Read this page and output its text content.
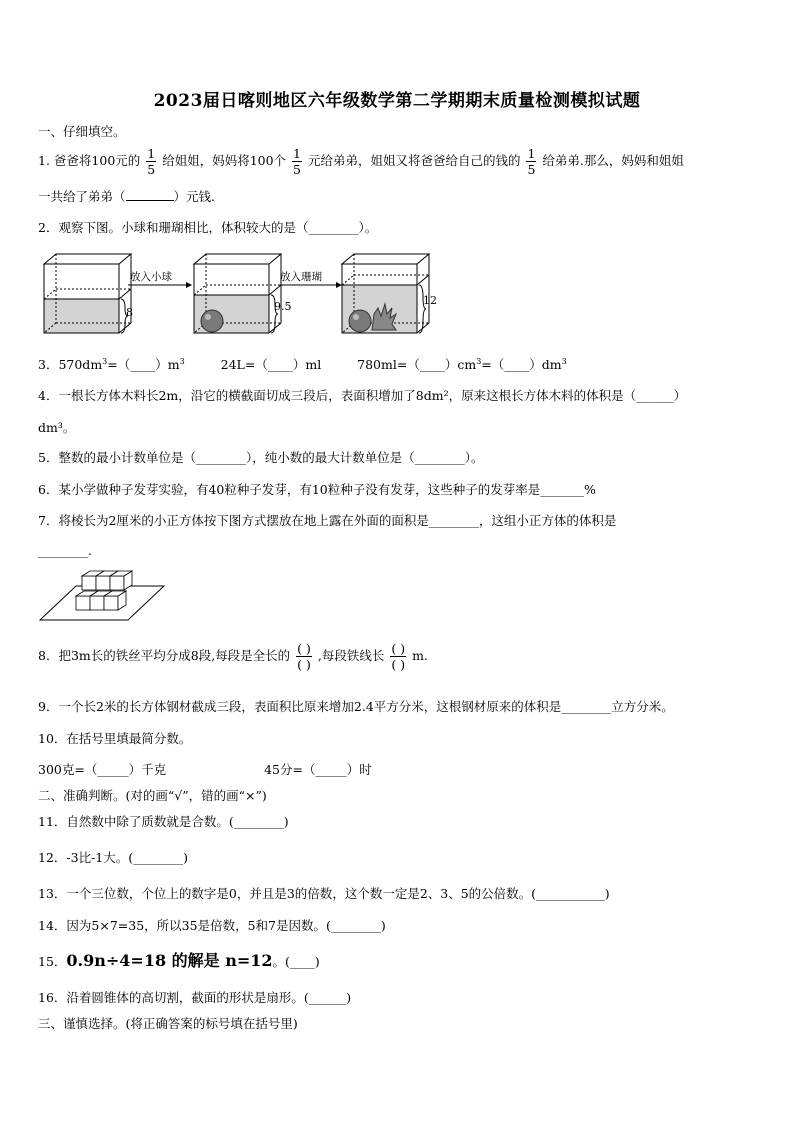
2023届日喀则地区六年级数学第二学期期末质量检测模拟试题
一、仔细填空。
1. 爸爸将100元的 $\frac{1}{5}$ 给姐姐，妈妈将100个 $\frac{1}{5}$ 元给弟弟，姐姐又将爸爸给自己的钱的 $\frac{1}{5}$ 给弟弟.那么，妈妈和姐姐
一共给了弟弟（	）元钱.
2．观察下图。小球和珊瑚相比，体积较大的是（________）。
8
放入小球
9.5
放入珊瑚
12
3．$570dm^3=(\_\_\_\_)m^3$	24L=（____）ml	$780ml=(\_\_\_\_)cm^3=(\_\_\_\_)dm^3$
4．一根长方体木料长2m，沿它的横截面切成三段后，表面积增加了8dm²，原来这根长方体木料的体积是（______）
dm³。
5．整数的最小计数单位是（________），纯小数的最大计数单位是（________）。
6．某小学做种子发芽实验，有40粒种子发芽，有10粒种子没有发芽，这些种子的发芽率是_______%
7．将棱长为2厘米的小正方体按下图方式摆放在地上露在外面的面积是________，这组小正方体的体积是
________.
8．把3m长的铁丝平均分成8段,每段是全长的 $\frac{( )}{( )}$ ,每段铁线长 $\frac{( )}{( )} m$.
9．一个长2米的长方体钢材截成三段，表面积比原来增加2.4平方分米，这根钢材原来的体积是________立方分米。
10．在括号里填最简分数。
300克=（_____）千克	45分=（_____）时
二、准确判断。(对的画“√”，错的画“×”)
11．自然数中除了质数就是合数。(________)
12．-3比-1大。(________)
13．一个三位数，个位上的数字是0，并且是3的倍数，这个数一定是2、3、5的公倍数。(___________)
14．因为5×7=35，所以35是倍数，5和7是因数。(________)
15．0.9n÷4=18 的解是 n=12。(____)
16．沿着圆锥体的高切割，截面的形状是扇形。(______)
三、谨慎选择。(将正确答案的标号填在括号里)
